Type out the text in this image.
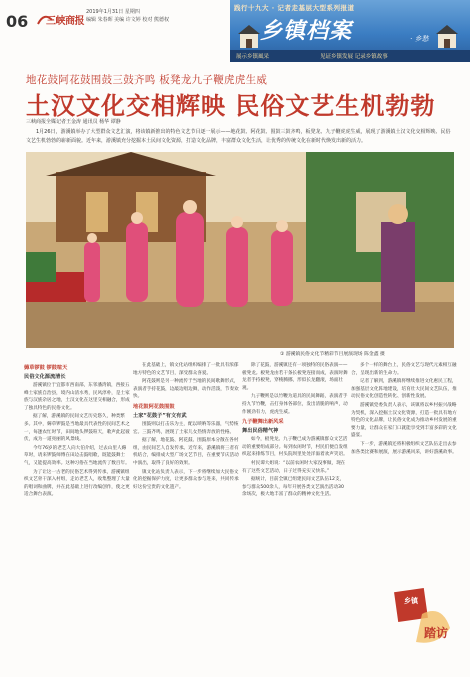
06 三峡商报
2019年1月31日 星期四
编辑 朱春晖 美编 许文婷 校对 熊德权
践行十九大 · 记者走基层大型系列报道
乡镇档案	· 乡愁
展示乡镇風采	见证乡镇发展 记录乡镇故事
地花鼓阿花鼓围鼓三鼓齐鸣 板凳龙九子鞭虎虎生威
土汉文化交相辉映 民俗文艺生机勃勃
三峡商报全媒记者王金涛 通讯员 杨华 谭静
1月26日，游溪镇举办了大型群众文艺汇演，将该镇新推出的特色文艺节目逐一展示——地花鼓、阿花鼓、围鼓三鼓齐鸣，板凳龙、九子鞭虎虎生威，展现了游溪镇土汉文化交相辉映、民俗文艺生机勃勃的崭新面貌。近年来，游溪镇充分挖掘本土民间文化资源，打造文化品牌，丰富群众文化生活，让优秀的传统文化在新时代焕发出新的活力。
① 游溪镇民俗文化节精彩节目展演现场 陈金鑫 摄

薅草锣鼓 锣鼓喧天

民俗文化源流清长

游溪镇位于宜都市西南部，东邻潘湾镇，西接五峰土家族自治县，境内山清水秀，民风淳朴，是土家族与汉族杂居之地，土汉文化在这里交相融合，形成了独具特色的民俗文化。

据了解，游溪镇的民间文艺历史悠久，种类繁多。其中，薅草锣鼓是当地最具代表性的民间艺术之一，每逢农忙时节，田间地头锣鼓喧天，歌声此起彼伏，成为一道亮丽的风景线。

今年76岁的老艺人向大伯介绍，过去山里人薅草时，请来锣鼓师傅在田边击鼓唱歌，既能鼓舞士气，又能提高效率。这种习俗在当地流传了数百年。

为了让这一古老的民俗艺术得到传承，游溪镇组织文艺骨干深入村组，走访老艺人，收集整理了大量的唱词和曲牌，并在此基础上进行改编创作，使之更适合舞台表演。

在此基础上，镇文化站组织编排了一批具有浓郁地方特色的文艺节目，深受群众喜爱。

阿花鼓则是另一种流传于当地的民间歌舞形式，表演者手持花鼓，边敲边唱边舞，动作活泼，节奏欢快。

地花鼓阿花鼓围鼓

土家“花鼓子”有文有武

围鼓则以打击乐为主，配以唢呐等乐器，气势恢宏。三鼓齐鸣，展现了土家儿女热情奔放的性格。

据了解，地花鼓、阿花鼓、围鼓原本分散在各村组，由民间艺人自发传承。近年来，游溪镇将三者有机结合，编排成大型广场文艺节目，在重要节庆活动中演出，取得了良好的效果。

镇文化站负责人表示，下一步将继续加大民俗文化的挖掘保护力度，让更多群众参与进来，共同传承好这份宝贵的文化遗产。

除了花鼓，游溪镇还有一项独特的民俗表演——板凳龙。板凳龙由若干条长板凳连接而成，表演时舞龙者手持板凳，穿梭腾挪，形似长龙翻滚，场面壮观。

九子鞭则是以竹鞭为道具的民间舞蹈，表演者手持九节竹鞭，击打身体各部位，发出清脆的响声，动作刚劲有力，虎虎生威。

九子鞭舞出新风采

舞出民俗精气神

如今，板凳龙、九子鞭已成为游溪镇群众文艺活动的重要组成部分。每到农闲时节，村民们便自发组织起来排练节目，村头院坝里处处洋溢着欢声笑语。

村民谭大姐说：“以前农闲时大家没事做，现在有了这些文艺活动，日子过得充实又快乐。”

据统计，目前全镇已组建民间文艺队伍12支，参与群众500余人，每年开展各类文艺演出活动30余场次，极大地丰富了群众的精神文化生活。

多个一样的舞台上，民俗文艺与现代元素相互融合，呈现出新的生命力。

记者了解到，游溪镇将继续推进文化惠民工程，加强基层文化阵地建设，培育壮大民间文艺队伍，推动民俗文化创造性转化、创新性发展。

游溪镇党委负责人表示，该镇将以乡村振兴战略为契机，深入挖掘土汉文化资源，打造一批具有地方特色的文化品牌，让民俗文化成为推动乡村发展的重要力量，让群众在家门口就能享受到丰富多彩的文化盛宴。

下一步，游溪镇还将积极组织文艺队伍走出去参加各类比赛和展演，展示游溪风采，讲好游溪故事。

乡镇
踏访
